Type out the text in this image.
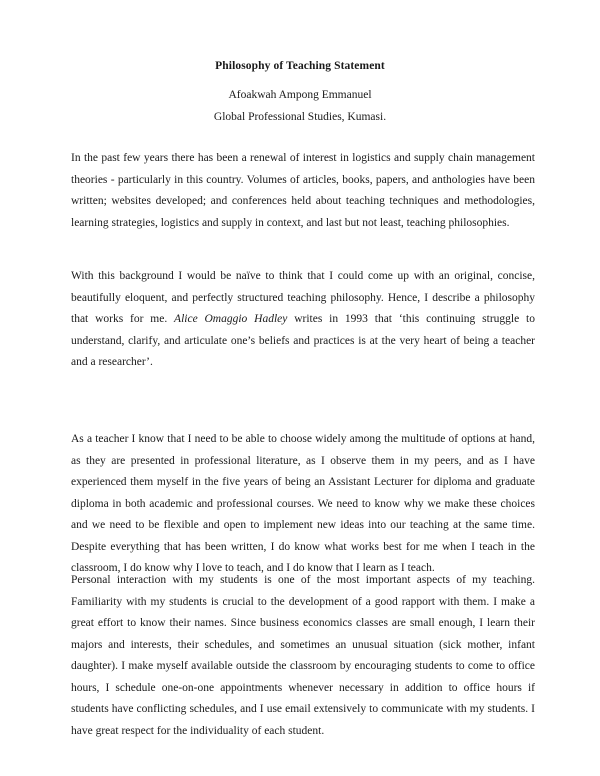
Philosophy of Teaching Statement
Afoakwah Ampong Emmanuel
Global Professional Studies, Kumasi.

In the past few years there has been a renewal of interest in logistics and supply chain management theories - particularly in this country. Volumes of articles, books, papers, and anthologies have been written; websites developed; and conferences held about teaching techniques and methodologies, learning strategies, logistics and supply in context, and last but not least, teaching philosophies.

With this background I would be naïve to think that I could come up with an original, concise, beautifully eloquent, and perfectly structured teaching philosophy. Hence, I describe a philosophy that works for me. Alice Omaggio Hadley writes in 1993 that ‘this continuing struggle to understand, clarify, and articulate one’s beliefs and practices is at the very heart of being a teacher and a researcher’.

As a teacher I know that I need to be able to choose widely among the multitude of options at hand, as they are presented in professional literature, as I observe them in my peers, and as I have experienced them myself in the five years of being an Assistant Lecturer for diploma and graduate diploma in both academic and professional courses. We need to know why we make these choices and we need to be flexible and open to implement new ideas into our teaching at the same time. Despite everything that has been written, I do know what works best for me when I teach in the classroom, I do know why I love to teach, and I do know that I learn as I teach.

Personal interaction with my students is one of the most important aspects of my teaching. Familiarity with my students is crucial to the development of a good rapport with them. I make a great effort to know their names. Since business economics classes are small enough, I learn their majors and interests, their schedules, and sometimes an unusual situation (sick mother, infant daughter). I make myself available outside the classroom by encouraging students to come to office hours, I schedule one-on-one appointments whenever necessary in addition to office hours if students have conflicting schedules, and I use email extensively to communicate with my students. I have great respect for the individuality of each student.
